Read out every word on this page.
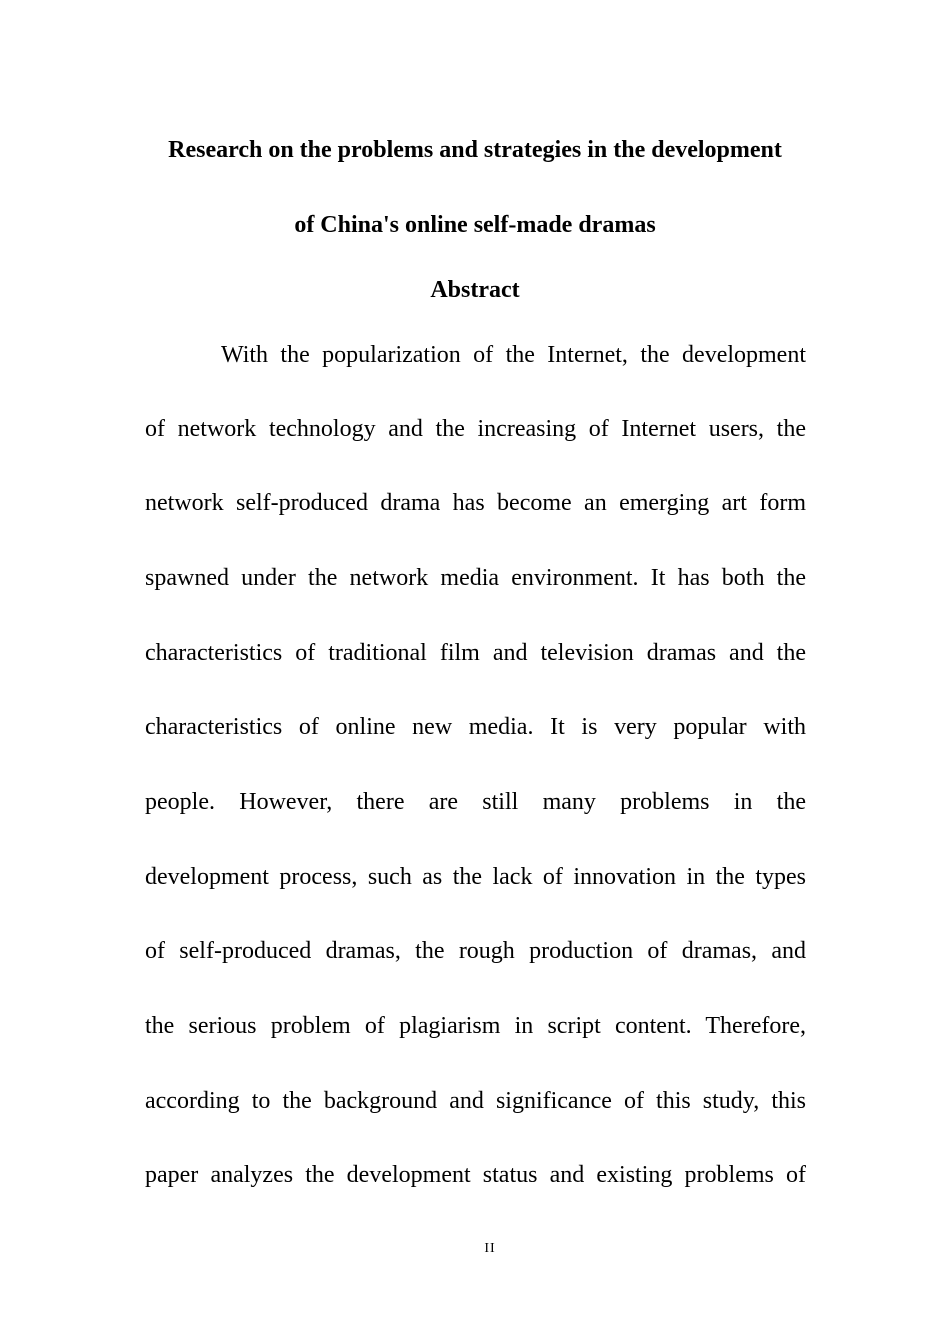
Research on the problems and strategies in the development
of China's online self-made dramas
Abstract
With the popularization of the Internet, the development
of network technology and the increasing of Internet users, the
network self-produced drama has become an emerging art form
spawned under the network media environment. It has both the
characteristics of traditional film and television dramas and the
characteristics of online new media. It is very popular with
people. However, there are still many problems in the
development process, such as the lack of innovation in the types
of self-produced dramas, the rough production of dramas, and
the serious problem of plagiarism in script content. Therefore,
according to the background and significance of this study, this
paper analyzes the development status and existing problems of
II
